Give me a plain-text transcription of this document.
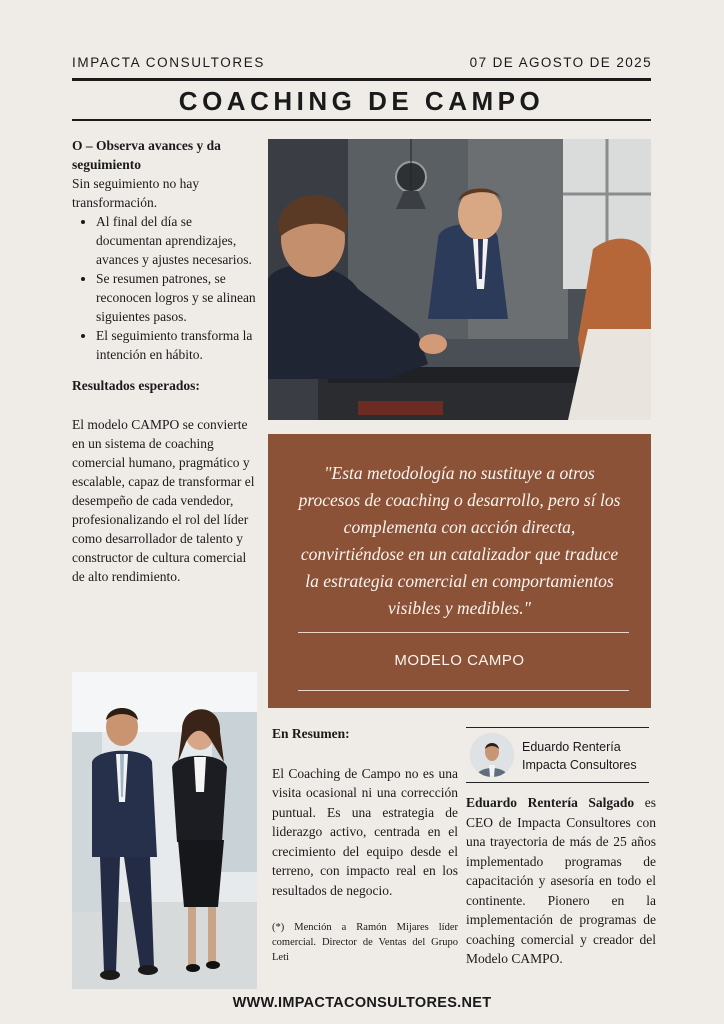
IMPACTA CONSULTORES	07 DE AGOSTO DE 2025
COACHING DE CAMPO

O – Observa avances y da seguimiento

Sin seguimiento no hay transformación.

• Al final del día se documentan aprendizajes, avances y ajustes necesarios.
• Se resumen patrones, se reconocen logros y se alinean siguientes pasos.
• El seguimiento transforma la intención en hábito.

Resultados esperados:

El modelo CAMPO se convierte en un sistema de coaching comercial humano, pragmático y escalable, capaz de transformar el desempeño de cada vendedor, profesionalizando el rol del líder como desarrollador de talento y constructor de cultura comercial de alto rendimiento.

"Esta metodología no sustituye a otros procesos de coaching o desarrollo, pero sí los complementa con acción directa, convirtiéndose en un catalizador que traduce la estrategia comercial en comportamientos visibles y medibles."
MODELO CAMPO

En Resumen:

El Coaching de Campo no es una visita ocasional ni una corrección puntual. Es una estrategia de liderazgo activo, centrada en el crecimiento del equipo desde el terreno, con impacto real en los resultados de negocio.

(*) Mención a Ramón Mijares líder comercial. Director de Ventas del Grupo Leti

Eduardo Rentería
Impacta Consultores

Eduardo Rentería Salgado es CEO de Impacta Consultores con una trayectoria de más de 25 años implementado programas de capacitación y asesoría en todo el continente. Pionero en la implementación de programas de coaching comercial y creador del Modelo CAMPO.

WWW.IMPACTACONSULTORES.NET
